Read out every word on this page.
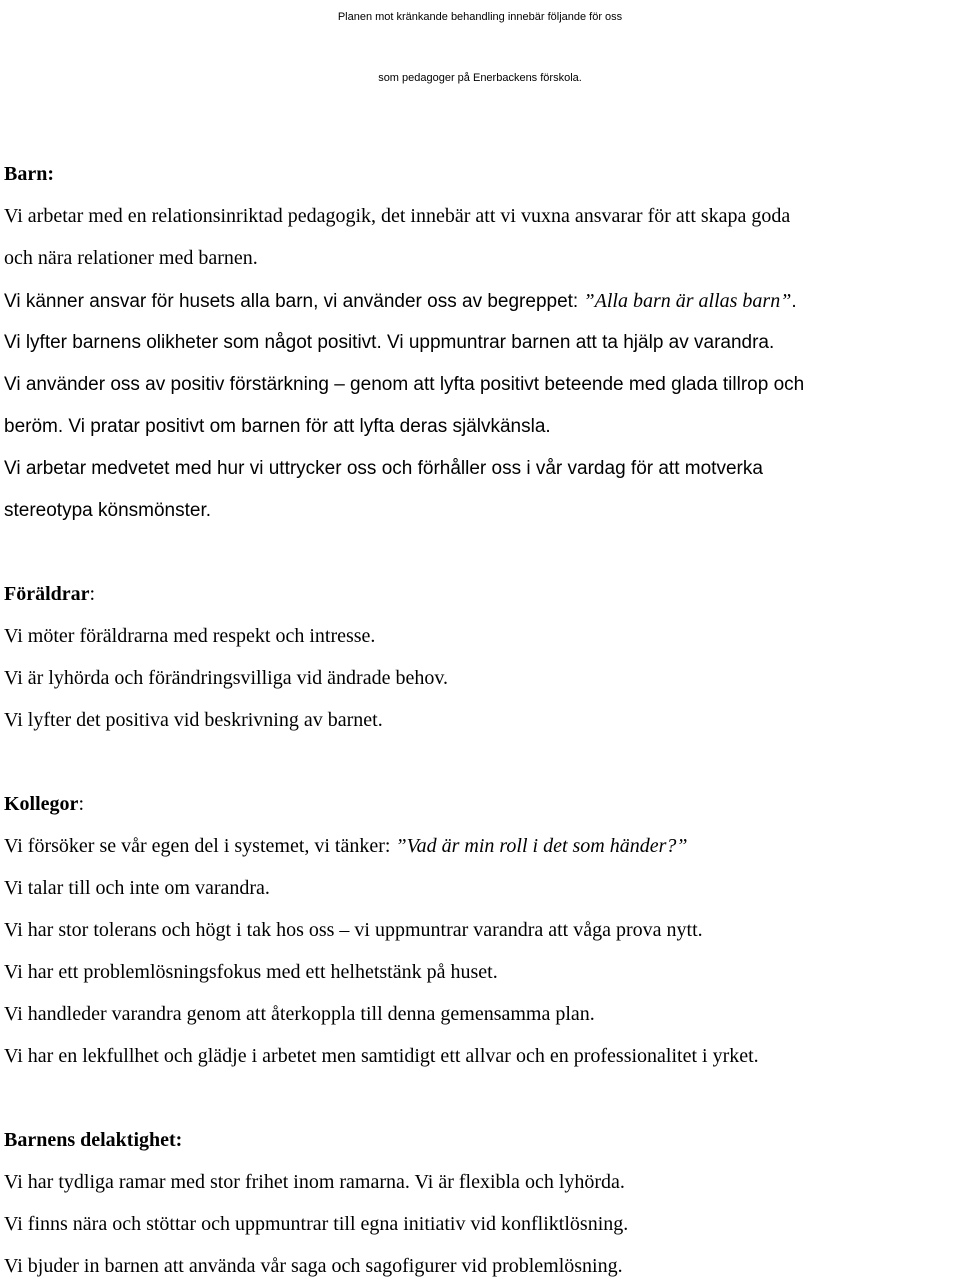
Planen mot kränkande behandling innebär följande för oss
som pedagoger på Enerbackens förskola.

Barn:

Vi arbetar med en relationsinriktad pedagogik, det innebär att vi vuxna ansvarar för att skapa goda

och nära relationer med barnen.

Vi känner ansvar för husets alla barn, vi använder oss av begreppet: ”Alla barn är allas barn”.

Vi lyfter barnens olikheter som något positivt. Vi uppmuntrar barnen att ta hjälp av varandra.

Vi använder oss av positiv förstärkning – genom att lyfta positivt beteende med glada tillrop och

beröm. Vi pratar positivt om barnen för att lyfta deras självkänsla.

Vi arbetar medvetet med hur vi uttrycker oss och förhåller oss i vår vardag för att motverka

stereotypa könsmönster.

Föräldrar:

Vi möter föräldrarna med respekt och intresse.

Vi är lyhörda och förändringsvilliga vid ändrade behov.

Vi lyfter det positiva vid beskrivning av barnet.

Kollegor:

Vi försöker se vår egen del i systemet, vi tänker: ”Vad är min roll i det som händer?”

Vi talar till och inte om varandra.

Vi har stor tolerans och högt i tak hos oss – vi uppmuntrar varandra att våga prova nytt.

Vi har ett problemlösningsfokus med ett helhetstänk på huset.

Vi handleder varandra genom att återkoppla till denna gemensamma plan.

Vi har en lekfullhet och glädje i arbetet men samtidigt ett allvar och en professionalitet i yrket.

Barnens delaktighet:

Vi har tydliga ramar med stor frihet inom ramarna. Vi är flexibla och lyhörda.

Vi finns nära och stöttar och uppmuntrar till egna initiativ vid konfliktlösning.

Vi bjuder in barnen att använda vår saga och sagofigurer vid problemlösning.
